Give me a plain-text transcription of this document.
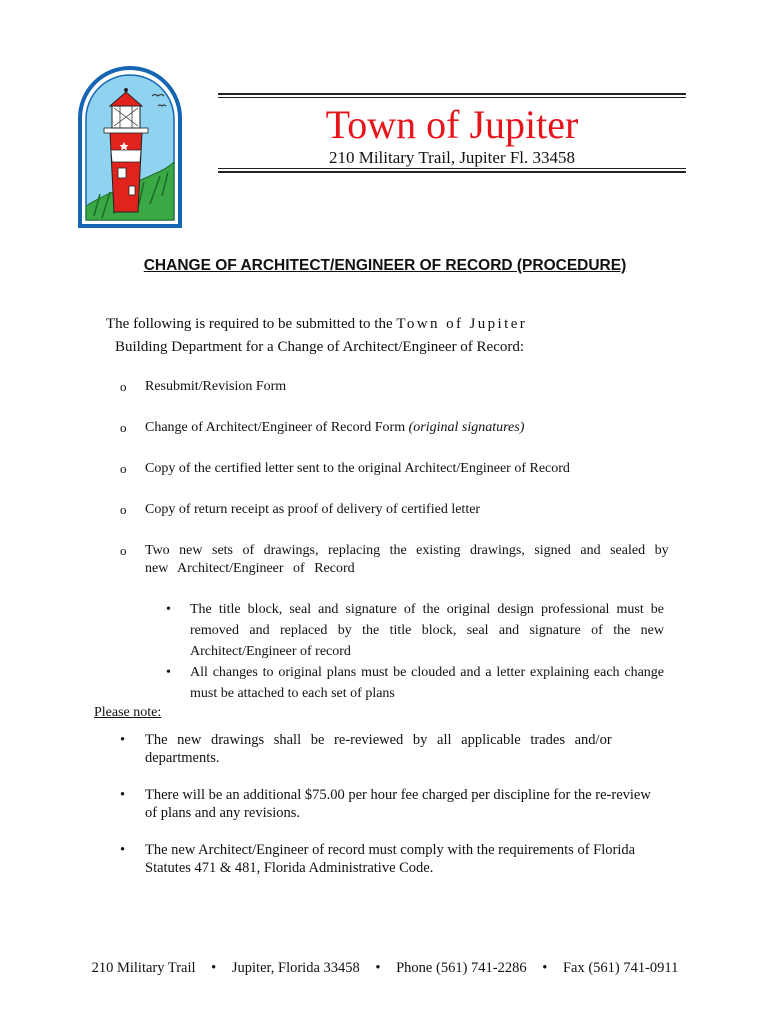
Town of Jupiter
210 Military Trail, Jupiter Fl. 33458
CHANGE OF ARCHITECT/ENGINEER OF RECORD (PROCEDURE)
The following is required to be submitted to the Town of Jupiter
Building Department for a Change of Architect/Engineer of Record:
o Resubmit/Revision Form
o Change of Architect/Engineer of Record Form (original signatures)
o Copy of the certified letter sent to the original Architect/Engineer of Record
o Copy of return receipt as proof of delivery of certified letter
o Two new sets of drawings, replacing the existing drawings, signed and sealed by new Architect/Engineer of Record
• The title block, seal and signature of the original design professional must be removed and replaced by the title block, seal and signature of the new Architect/Engineer of record
• All changes to original plans must be clouded and a letter explaining each change must be attached to each set of plans
Please note:
• The new drawings shall be re-reviewed by all applicable trades and/or departments.
• There will be an additional $75.00 per hour fee charged per discipline for the re-review of plans and any revisions.
• The new Architect/Engineer of record must comply with the requirements of Florida Statutes 471 & 481, Florida Administrative Code.
210 Military Trail • Jupiter, Florida 33458 • Phone (561) 741-2286 • Fax (561) 741-0911
